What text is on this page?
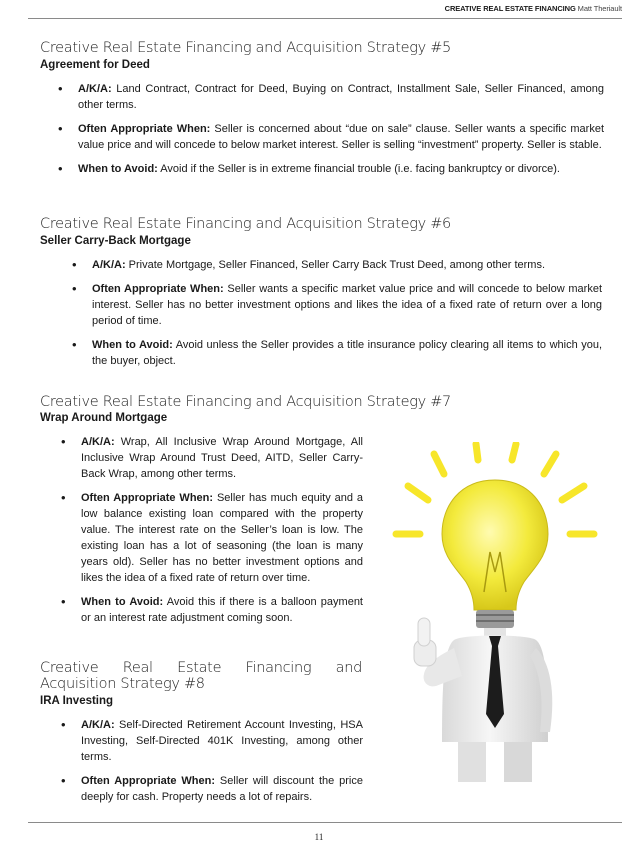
CREATIVE REAL ESTATE FINANCING Matt Theriault
Creative Real Estate Financing and Acquisition Strategy #5
Agreement for Deed
• A/K/A: Land Contract, Contract for Deed, Buying on Contract, Installment Sale, Seller Financed, among other terms.
• Often Appropriate When: Seller is concerned about “due on sale” clause. Seller wants a specific market value price and will concede to below market interest. Seller is selling “investment” property. Seller is stable.
• When to Avoid: Avoid if the Seller is in extreme financial trouble (i.e. facing bankruptcy or divorce).
Creative Real Estate Financing and Acquisition Strategy #6
Seller Carry-Back Mortgage
• A/K/A: Private Mortgage, Seller Financed, Seller Carry Back Trust Deed, among other terms.
• Often Appropriate When: Seller wants a specific market value price and will concede to below market interest. Seller has no better investment options and likes the idea of a fixed rate of return over a long period of time.
• When to Avoid: Avoid unless the Seller provides a title insurance policy clearing all items to which you, the buyer, object.
Creative Real Estate Financing and Acquisition Strategy #7
Wrap Around Mortgage
• A/K/A: Wrap, All Inclusive Wrap Around Mortgage, All Inclusive Wrap Around Trust Deed, AITD, Seller Carry-Back Wrap, among other terms.
• Often Appropriate When: Seller has much equity and a low balance existing loan compared with the property value. The interest rate on the Seller’s loan is low. The existing loan has a lot of seasoning (the loan is many years old). Seller has no better investment options and likes the idea of a fixed rate of return over time.
• When to Avoid: Avoid this if there is a balloon payment or an interest rate adjustment coming soon.
Creative Real Estate Financing and Acquisition Strategy #8
IRA Investing
• A/K/A: Self-Directed Retirement Account Investing, HSA Investing, Self-Directed 401K Investing, among other terms.
• Often Appropriate When: Seller will discount the price deeply for cash. Property needs a lot of repairs.
11
